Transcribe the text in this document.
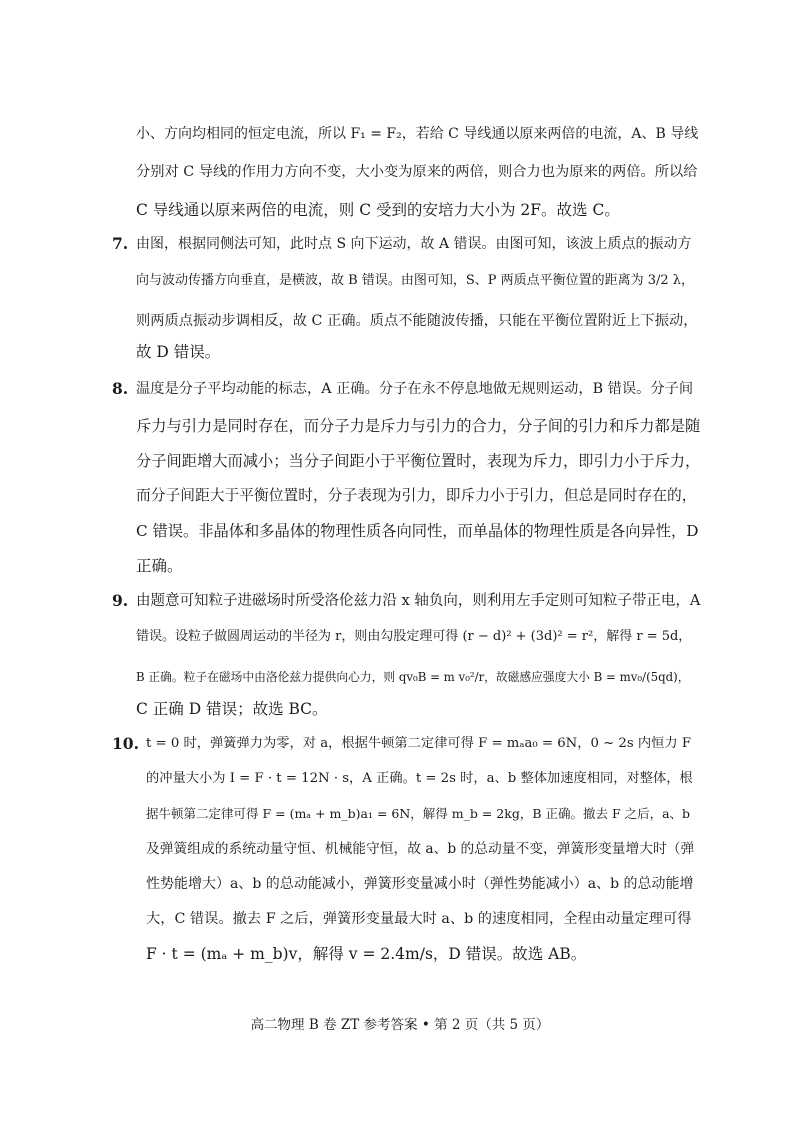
小、方向均相同的恒定电流，所以 F₁ = F₂，若给 C 导线通以原来两倍的电流，A、B 导线
分别对 C 导线的作用力方向不变，大小变为原来的两倍，则合力也为原来的两倍。所以给
C 导线通以原来两倍的电流，则 C 受到的安培力大小为 2F。故选 C。
7. 由图，根据同侧法可知，此时点 S 向下运动，故 A 错误。由图可知，该波上质点的振动方
向与波动传播方向垂直，是横波，故 B 错误。由图可知，S、P 两质点平衡位置的距离为 3/2 λ，
则两质点振动步调相反，故 C 正确。质点不能随波传播，只能在平衡位置附近上下振动，
故 D 错误。
8. 温度是分子平均动能的标志，A 正确。分子在永不停息地做无规则运动，B 错误。分子间
斥力与引力是同时存在，而分子力是斥力与引力的合力，分子间的引力和斥力都是随
分子间距增大而减小；当分子间距小于平衡位置时，表现为斥力，即引力小于斥力，
而分子间距大于平衡位置时，分子表现为引力，即斥力小于引力，但总是同时存在的，
C 错误。非晶体和多晶体的物理性质各向同性，而单晶体的物理性质是各向异性，D
正确。
9. 由题意可知粒子进磁场时所受洛伦兹力沿 x 轴负向，则利用左手定则可知粒子带正电，A
错误。设粒子做圆周运动的半径为 r，则由勾股定理可得 (r − d)² + (3d)² = r²，解得 r = 5d，
B 正确。粒子在磁场中由洛伦兹力提供向心力，则 qv₀B = m v₀²/r，故磁感应强度大小 B = mv₀/(5qd)，
C 正确 D 错误；故选 BC。
10. t = 0 时，弹簧弹力为零，对 a，根据牛顿第二定律可得 F = mₐa₀ = 6N，0 ~ 2s 内恒力 F
的冲量大小为 I = F · t = 12N · s，A 正确。t = 2s 时，a、b 整体加速度相同，对整体，根
据牛顿第二定律可得 F = (mₐ + m_b)a₁ = 6N，解得 m_b = 2kg，B 正确。撤去 F 之后，a、b
及弹簧组成的系统动量守恒、机械能守恒，故 a、b 的总动量不变，弹簧形变量增大时（弹
性势能增大）a、b 的总动能减小，弹簧形变量减小时（弹性势能减小）a、b 的总动能增
大，C 错误。撤去 F 之后，弹簧形变量最大时 a、b 的速度相同，全程由动量定理可得
F · t = (mₐ + m_b)v，解得 v = 2.4m/s，D 错误。故选 AB。
高二物理 B 卷 ZT 参考答案 • 第 2 页（共 5 页）
